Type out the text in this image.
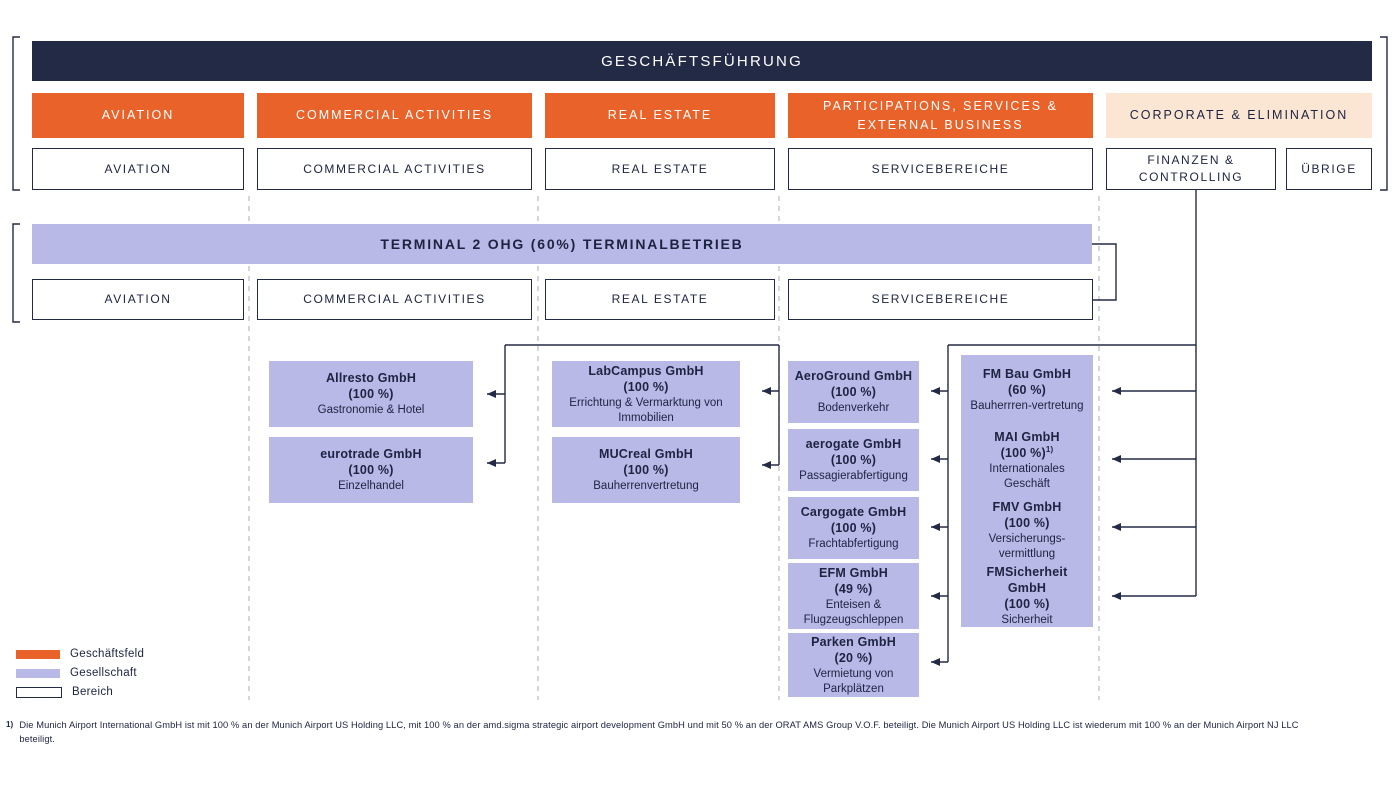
GESCHÄFTSFÜHRUNG
AVIATION	COMMERCIAL ACTIVITIES	REAL ESTATE
PARTICIPATIONS, SERVICES & EXTERNAL BUSINESS
CORPORATE & ELIMINATION
AVIATION	COMMERCIAL ACTIVITIES	REAL ESTATE	SERVICEBEREICHE
FINANZEN & CONTROLLING
ÜBRIGE
TERMINAL 2 OHG (60%) TERMINALBETRIEB
AVIATION	COMMERCIAL ACTIVITIES	REAL ESTATE	SERVICEBEREICHE
Allresto GmbH
(100 %)
Gastronomie & Hotel
eurotrade GmbH
(100 %)
Einzelhandel
LabCampus GmbH
(100 %)
Errichtung & Vermarktung von Immobilien
MUCreal GmbH
(100 %)
Bauherrenvertretung
AeroGround GmbH
(100 %)
Bodenverkehr
aerogate GmbH
(100 %)
Passagierabfertigung
Cargogate GmbH
(100 %)
Frachtabfertigung
EFM GmbH
(49 %)
Enteisen & Flugzeugschleppen
Parken GmbH
(20 %)
Vermietung von Parkplätzen
FM Bau GmbH
(60 %)
Bauherrren-vertretung
MAI GmbH
(100 %)$^{1)}$
Internationales Geschäft
FMV GmbH
(100 %)
Versicherungs-vermittlung
FMSicherheit GmbH
(100 %)
Sicherheit
Geschäftsfeld
Gesellschaft
Bereich
1) Die Munich Airport International GmbH ist mit 100 % an der Munich Airport US Holding LLC, mit 100 % an der amd.sigma strategic airport development GmbH und mit 50 % an der ORAT AMS Group V.O.F. beteiligt. Die Munich Airport US Holding LLC ist wiederum mit 100 % an der Munich Airport NJ LLC beteiligt.
